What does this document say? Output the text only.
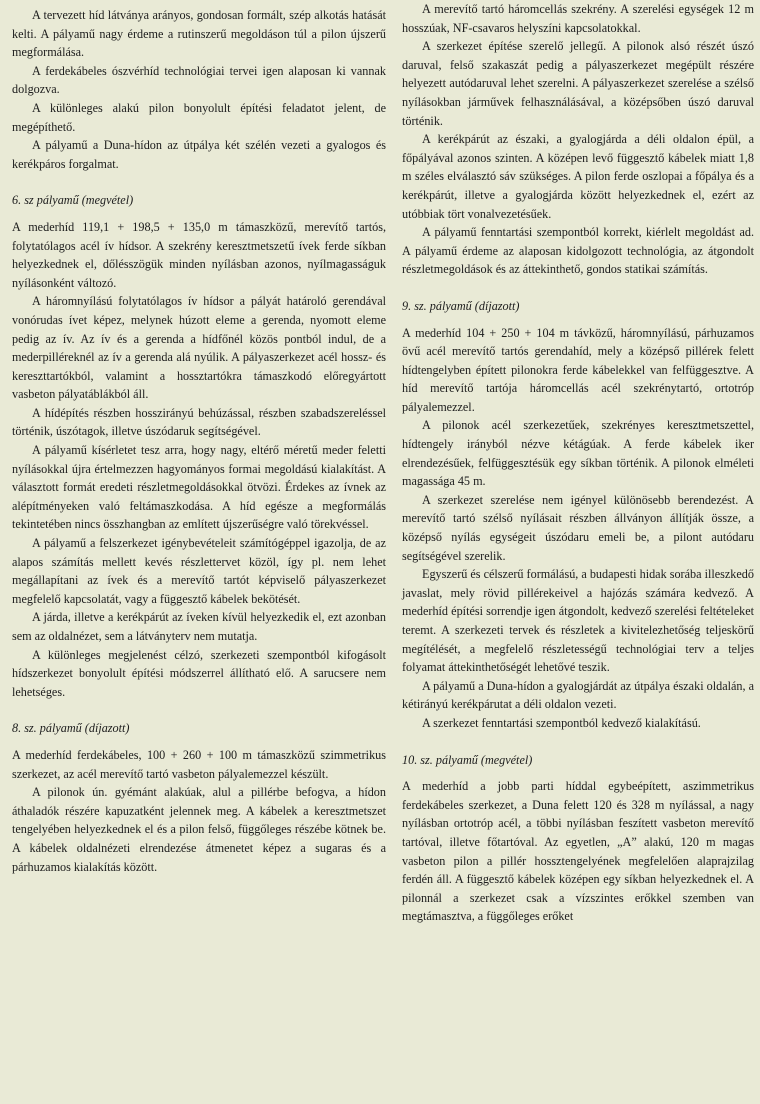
A tervezett híd látványa arányos, gondosan formált, szép alkotás hatását kelti. A pályamű nagy érdeme a rutinszerű megoldáson túl a pilon újszerű megformálása.

A ferdekábeles ószvérhíd technológiai tervei igen alaposan ki vannak dolgozva.

A különleges alakú pilon bonyolult építési feladatot jelent, de megépíthető.

A pályamű a Duna-hídon az útpálya két szélén vezeti a gyalogos és kerékpáros forgalmat.

6. sz pályamű (megvétel)

A mederhíd 119,1 + 198,5 + 135,0 m támaszközű, merevítő tartós, folytatólagos acél ív hídsor. A szekrény keresztmetszetű ívek ferde síkban helyezkednek el, dőlésszögük minden nyílásban azonos, nyílmagasságuk nyílásonként változó.

A háromnyílású folytatólagos ív hídsor a pályát határoló gerendával vonórudas ívet képez, melynek húzott eleme a gerenda, nyomott eleme pedig az ív. Az ív és a gerenda a hídfőnél közös pontból indul, de a mederpilléreknél az ív a gerenda alá nyúlik. A pályaszerkezet acél hossz- és kereszttartókból, valamint a hossztartókra támaszkodó előregyártott vasbeton pályatáblákból áll.

A hídépítés részben hosszirányú behúzással, részben szabadszereléssel történik, úszótagok, illetve úszódaruk segítségével.

A pályamű kísérletet tesz arra, hogy nagy, eltérő méretű meder feletti nyílásokkal újra értelmezzen hagyományos formai megoldású kialakítást. A választott formát eredeti részletmegoldásokkal ötvözi. Érdekes az ívnek az alépítményeken való feltámaszkodása. A híd egésze a megformálás tekintetében nincs összhangban az említett újszerűségre való törekvéssel.

A pályamű a felszerkezet igénybevételeit számítógéppel igazolja, de az alapos számítás mellett kevés részlettervet közöl, így pl. nem lehet megállapítani az ívek és a merevítő tartót képviselő pályaszerkezet megfelelő kapcsolatát, vagy a függesztő kábelek bekötését.

A járda, illetve a kerékpárút az íveken kívül helyezkedik el, ezt azonban sem az oldalnézet, sem a látványterv nem mutatja.

A különleges megjelenést célzó, szerkezeti szempontból kifogásolt hídszerkezet bonyolult építési módszerrel állítható elő. A sarucsere nem lehetséges.

8. sz. pályamű (díjazott)

A mederhíd ferdekábeles, 100 + 260 + 100 m támaszközű szimmetrikus szerkezet, az acél merevítő tartó vasbeton pályalemezzel készült.

A pilonok ún. gyémánt alakúak, alul a pillérbe befogva, a hídon áthaladók részére kapuzatként jelennek meg. A kábelek a keresztmetszet tengelyében helyezkednek el és a pilon felső, függőleges részébe kötnek be. A kábelek oldalnézeti elrendezése átmenetet képez a sugaras és a párhuzamos kialakítás között.

A merevítő tartó háromcellás szekrény. A szerelési egységek 12 m hosszúak, NF-csavaros helyszíni kapcsolatokkal.

A szerkezet építése szerelő jellegű. A pilonok alsó részét úszó daruval, felső szakaszát pedig a pályaszerkezet megépült részére helyezett autódaruval lehet szerelni. A pályaszerkezet szerelése a szélső nyílásokban járművek felhasználásával, a középsőben úszó daruval történik.

A kerékpárút az északi, a gyalogjárda a déli oldalon épül, a főpályával azonos szinten. A középen levő függesztő kábelek miatt 1,8 m széles elválasztó sáv szükséges. A pilon ferde oszlopai a főpálya és a kerékpárút, illetve a gyalogjárda között helyezkednek el, ezért az utóbbiak tört vonalvezetésűek.

A pályamű fenntartási szempontból korrekt, kiérlelt megoldást ad. A pályamű érdeme az alaposan kidolgozott technológia, az átgondolt részletmegoldások és az áttekinthető, gondos statikai számítás.

9. sz. pályamű (díjazott)

A mederhíd 104 + 250 + 104 m távközű, háromnyílású, párhuzamos övű acél merevítő tartós gerendahíd, mely a középső pillérek felett hídtengelyben épített pilonokra ferde kábelekkel van felfüggesztve. A híd merevítő tartója háromcellás acél szekrénytartó, ortotróp pályalemezzel.

A pilonok acél szerkezetűek, szekrényes keresztmetszettel, hídtengely irányból nézve kétágúak. A ferde kábelek iker elrendezésűek, felfüggesztésük egy síkban történik. A pilonok elméleti magassága 45 m.

A szerkezet szerelése nem igényel különösebb berendezést. A merevítő tartó szélső nyílásait részben állványon állítják össze, a középső nyílás egységeit úszódaru emeli be, a pilont autódaru segítségével szerelik.

Egyszerű és célszerű formálású, a budapesti hidak sorába illeszkedő javaslat, mely rövid pillérekeivel a hajózás számára kedvező. A mederhíd építési sorrendje igen átgondolt, kedvező szerelési feltételeket teremt. A szerkezeti tervek és részletek a kivitelezhetőség teljeskörű megítélését, a megfelelő részletességű technológiai terv a teljes folyamat áttekinthetőségét lehetővé teszik.

A pályamű a Duna-hídon a gyalogjárdát az útpálya északi oldalán, a kétirányú kerékpárutat a déli oldalon vezeti.

A szerkezet fenntartási szempontból kedvező kialakítású.

10. sz. pályamű (megvétel)

A mederhíd a jobb parti híddal egybeépített, aszimmetrikus ferdekábeles szerkezet, a Duna felett 120 és 328 m nyílással, a nagy nyílásban ortotróp acél, a többi nyílásban feszített vasbeton merevítő tartóval, illetve főtartóval. Az egyetlen, „A” alakú, 120 m magas vasbeton pilon a pillér hossztengelyének megfelelően alaprajzilag ferdén áll. A függesztő kábelek középen egy síkban helyezkednek el. A pilonnál a szerkezet csak a vízszintes erőkkel szemben van megtámasztva, a függőleges erőket
